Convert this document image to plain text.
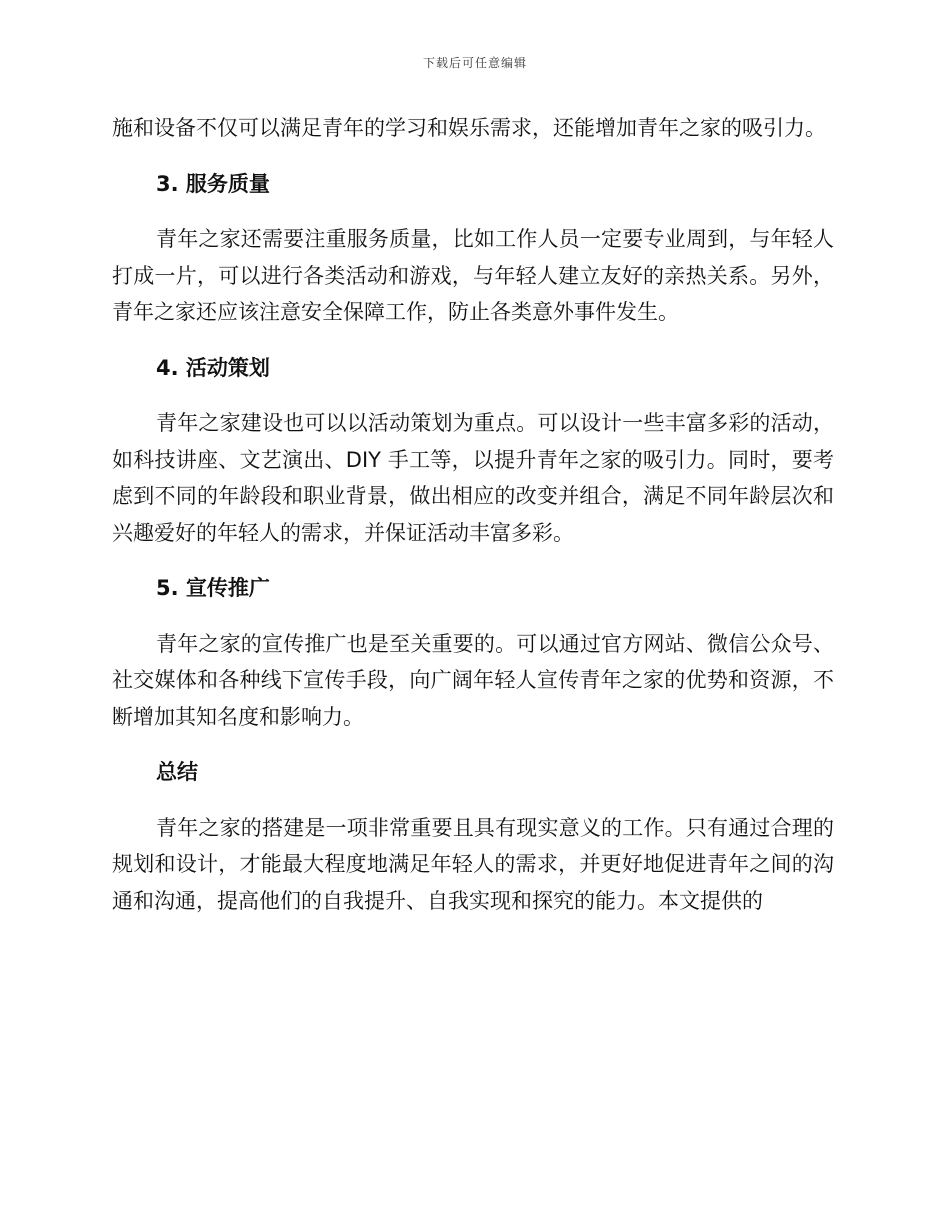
下载后可任意编辑

施和设备不仅可以满足青年的学习和娱乐需求，还能增加青年之家的吸引力。

3. 服务质量

青年之家还需要注重服务质量，比如工作人员一定要专业周到，与年轻人打成一片，可以进行各类活动和游戏，与年轻人建立友好的亲热关系。另外，青年之家还应该注意安全保障工作，防止各类意外事件发生。

4. 活动策划

青年之家建设也可以以活动策划为重点。可以设计一些丰富多彩的活动，如科技讲座、文艺演出、DIY 手工等，以提升青年之家的吸引力。同时，要考虑到不同的年龄段和职业背景，做出相应的改变并组合，满足不同年龄层次和兴趣爱好的年轻人的需求，并保证活动丰富多彩。

5. 宣传推广

青年之家的宣传推广也是至关重要的。可以通过官方网站、微信公众号、社交媒体和各种线下宣传手段，向广阔年轻人宣传青年之家的优势和资源，不断增加其知名度和影响力。

总结

青年之家的搭建是一项非常重要且具有现实意义的工作。只有通过合理的规划和设计，才能最大程度地满足年轻人的需求，并更好地促进青年之间的沟通和沟通，提高他们的自我提升、自我实现和探究的能力。本文提供的
